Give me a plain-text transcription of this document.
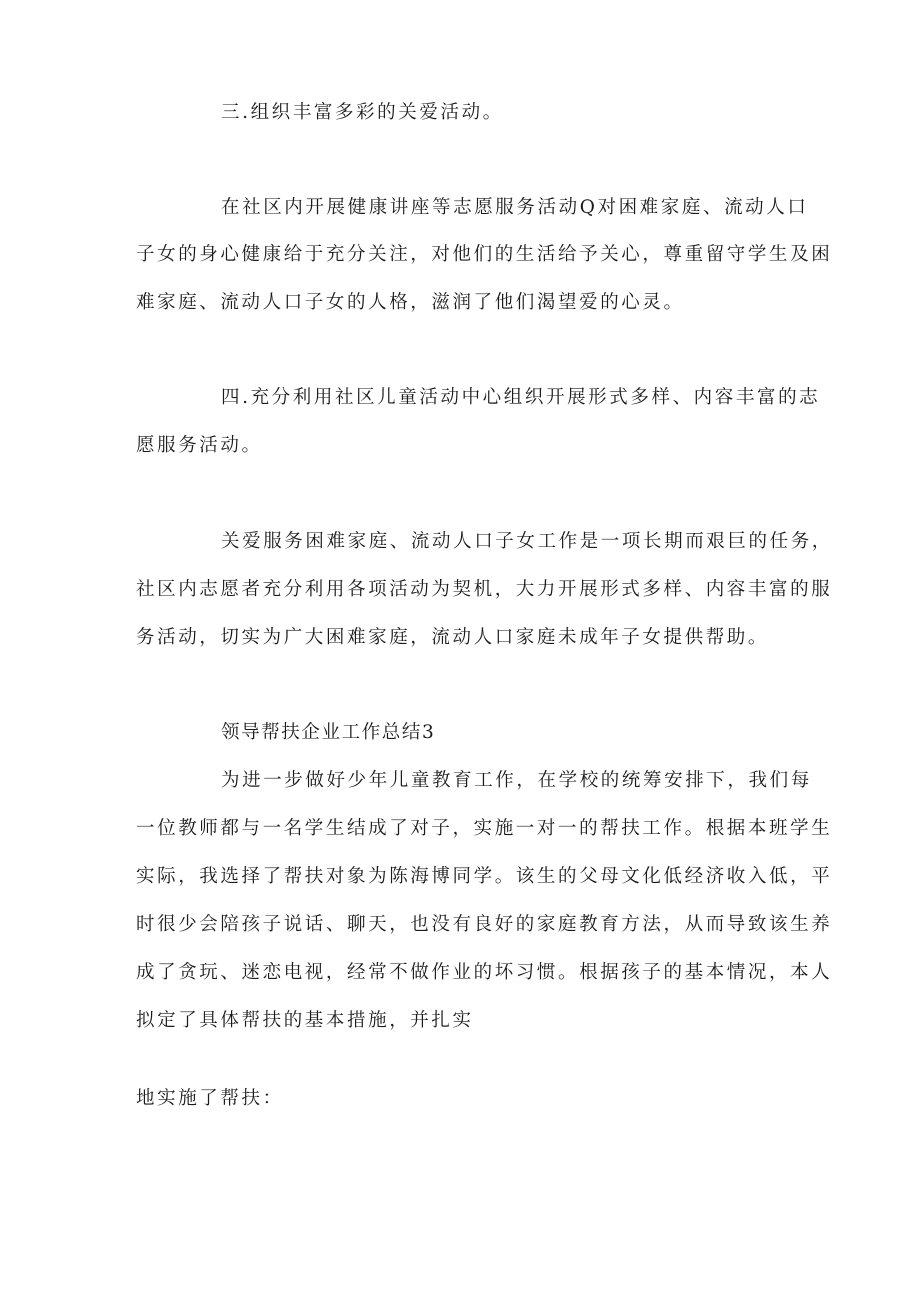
三.组织丰富多彩的关爱活动。
在社区内开展健康讲座等志愿服务活动Q对困难家庭、流动人口
子女的身心健康给于充分关注，对他们的生活给予关心，尊重留守学生及困
难家庭、流动人口子女的人格，滋润了他们渴望爱的心灵。
四.充分利用社区儿童活动中心组织开展形式多样、内容丰富的志
愿服务活动。
关爱服务困难家庭、流动人口子女工作是一项长期而艰巨的任务，
社区内志愿者充分利用各项活动为契机，大力开展形式多样、内容丰富的服
务活动，切实为广大困难家庭，流动人口家庭未成年子女提供帮助。
领导帮扶企业工作总结3
为进一步做好少年儿童教育工作，在学校的统筹安排下，我们每
一位教师都与一名学生结成了对子，实施一对一的帮扶工作。根据本班学生
实际，我选择了帮扶对象为陈海博同学。该生的父母文化低经济收入低，平
时很少会陪孩子说话、聊天，也没有良好的家庭教育方法，从而导致该生养
成了贪玩、迷恋电视，经常不做作业的坏习惯。根据孩子的基本情况，本人
拟定了具体帮扶的基本措施，并扎实
地实施了帮扶：
